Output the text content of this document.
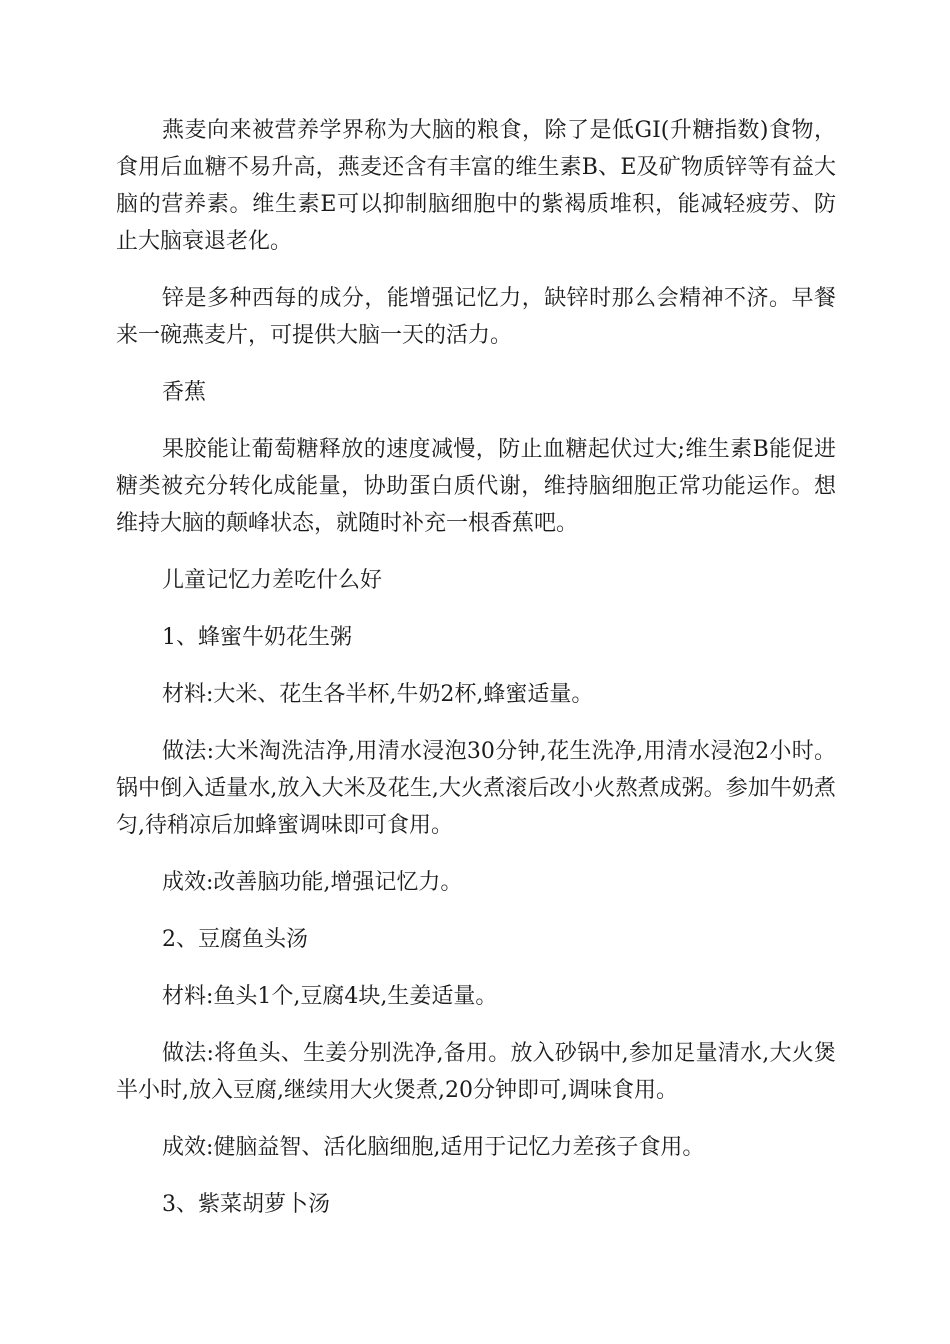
燕麦向来被营养学界称为大脑的粮食，除了是低GI(升糖指数)食物，食用后血糖不易升高，燕麦还含有丰富的维生素B、E及矿物质锌等有益大脑的营养素。维生素E可以抑制脑细胞中的紫褐质堆积，能减轻疲劳、防止大脑衰退老化。

锌是多种西每的成分，能增强记忆力，缺锌时那么会精神不济。早餐来一碗燕麦片，可提供大脑一天的活力。

香蕉

果胶能让葡萄糖释放的速度减慢，防止血糖起伏过大;维生素B能促进糖类被充分转化成能量，协助蛋白质代谢，维持脑细胞正常功能运作。想维持大脑的颠峰状态，就随时补充一根香蕉吧。

儿童记忆力差吃什么好

1、蜂蜜牛奶花生粥

材料:大米、花生各半杯,牛奶2杯,蜂蜜适量。

做法:大米淘洗洁净,用清水浸泡30分钟,花生洗净,用清水浸泡2小时。锅中倒入适量水,放入大米及花生,大火煮滚后改小火熬煮成粥。参加牛奶煮匀,待稍凉后加蜂蜜调味即可食用。

成效:改善脑功能,增强记忆力。

2、豆腐鱼头汤

材料:鱼头1个,豆腐4块,生姜适量。

做法:将鱼头、生姜分别洗净,备用。放入砂锅中,参加足量清水,大火煲半小时,放入豆腐,继续用大火煲煮,20分钟即可,调味食用。

成效:健脑益智、活化脑细胞,适用于记忆力差孩子食用。

3、紫菜胡萝卜汤
